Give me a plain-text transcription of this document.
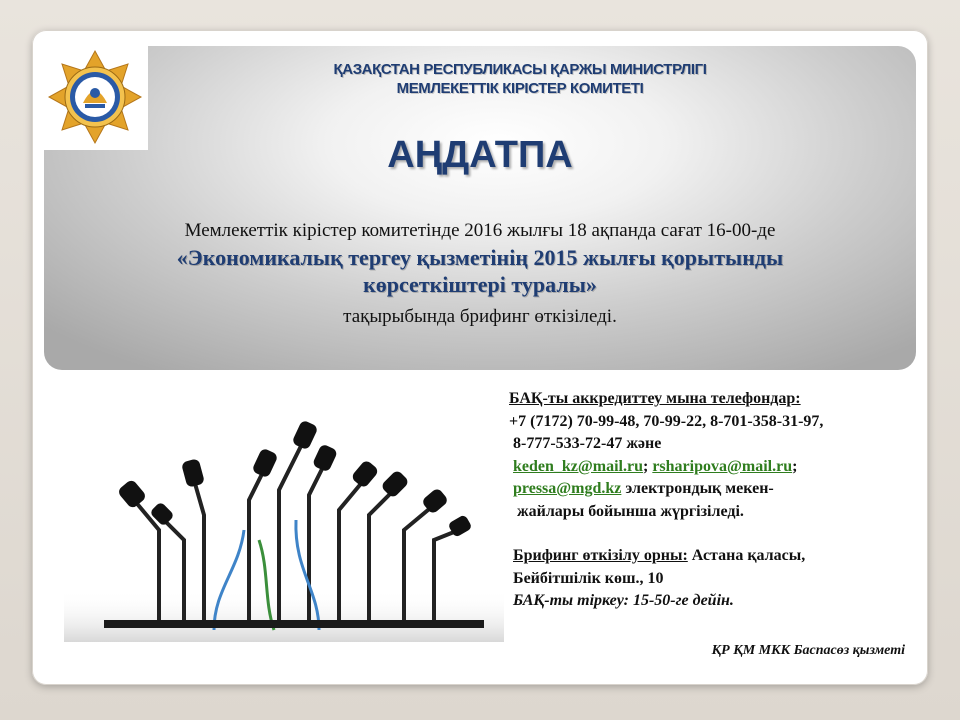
ҚАЗАҚСТАН РЕСПУБЛИКАСЫ ҚАРЖЫ МИНИСТРЛІГІ
МЕМЛЕКЕТТІК КІРІСТЕР КОМИТЕТІ
АҢДАТПА
Мемлекеттік кірістер комитетінде 2016 жылғы 18 ақпанда сағат 16-00-де
«Экономикалық тергеу қызметінің 2015 жылғы қорытынды
көрсеткіштері туралы»
тақырыбында брифинг өткізіледі.
БАҚ-ты аккредиттеу мына телефондар:
+7 (7172) 70-99-48, 70-99-22, 8-701-358-31-97,
8-777-533-72-47 және
keden_kz@mail.ru; rsharipova@mail.ru;
pressa@mgd.kz электрондық мекен-
жайлары бойынша жүргізіледі.
Брифинг өткізілу орны: Астана қаласы,
Бейбітшілік көш., 10
БАҚ-ты тіркеу: 15-50-ге дейін.
ҚР ҚМ МКК Баспасөз қызметі
